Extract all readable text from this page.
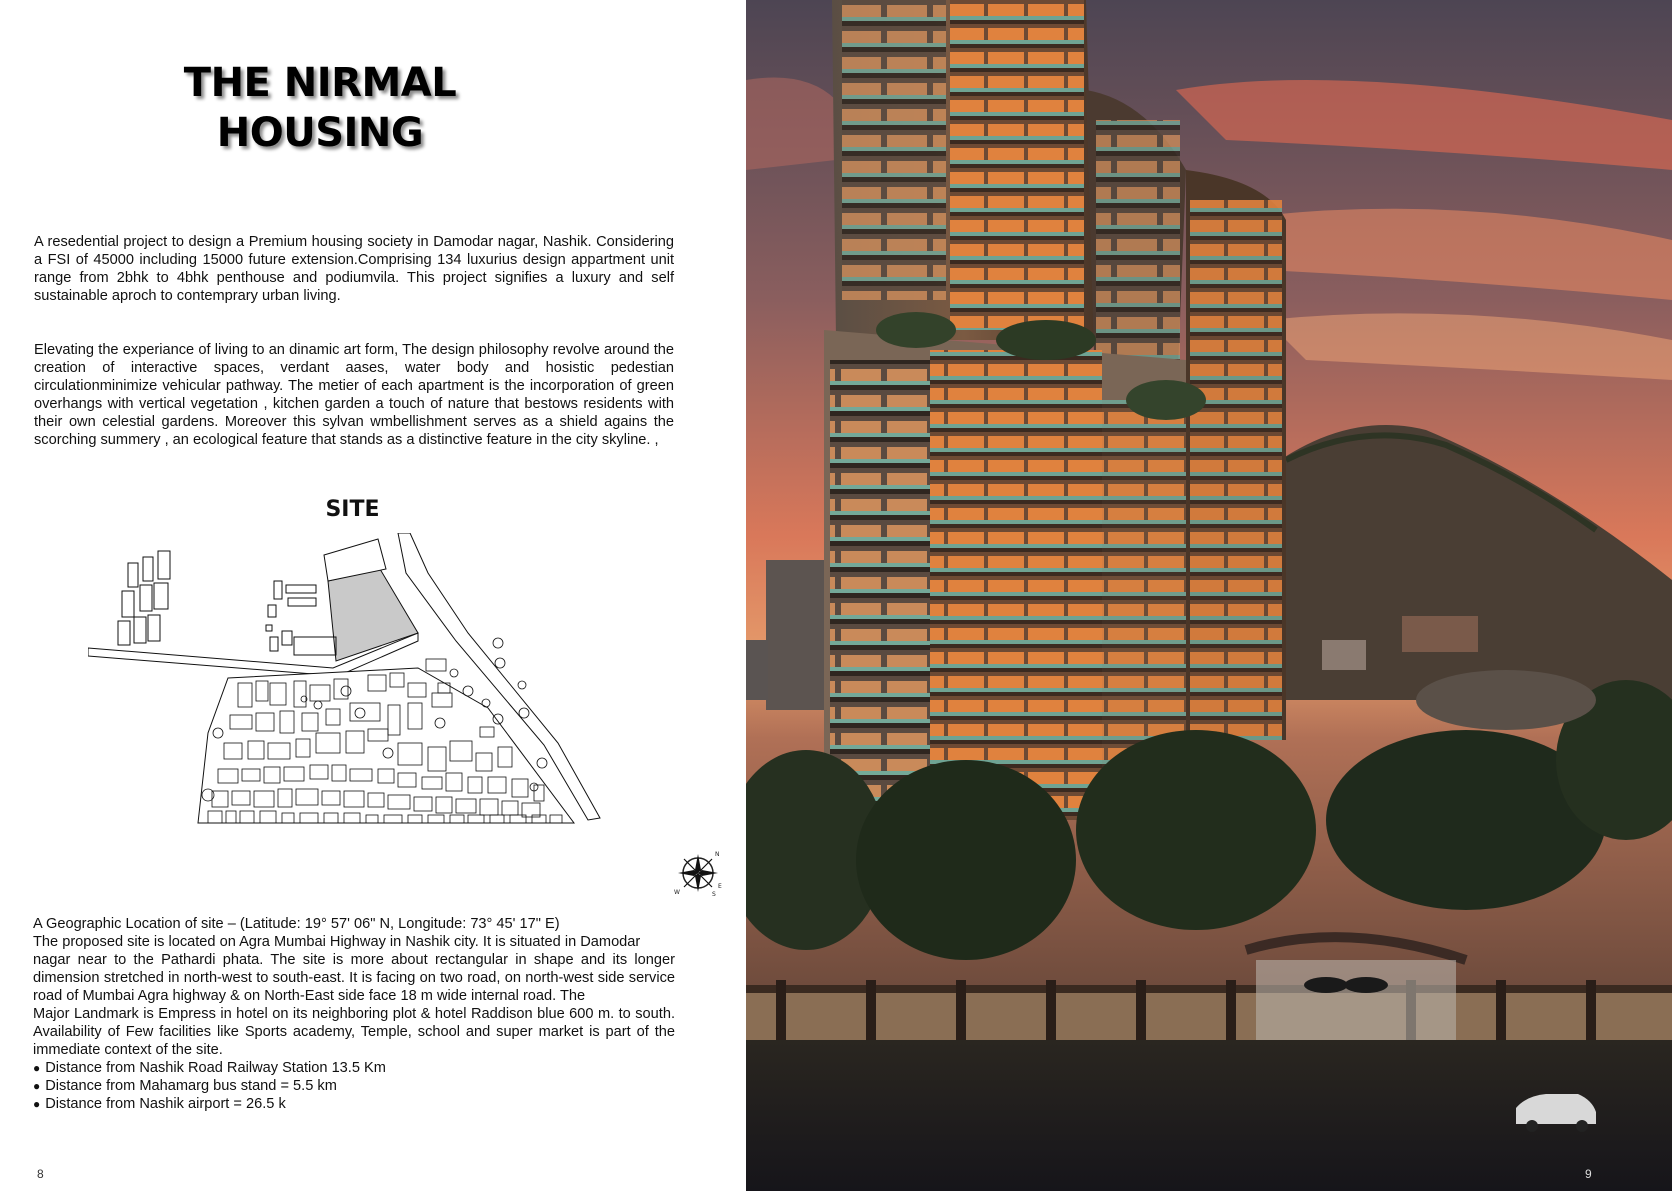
THE NIRMAL
HOUSING

A resedential project to design a Premium housing society in Damodar nagar, Nashik. Considering a FSI of 45000 including 15000 future extension.Comprising 134 luxurius design appartment unit range from 2bhk to 4bhk penthouse and podiumvila. This project signifies a luxury and self sustainable aproch to contemprary urban living.

Elevating the experiance of living to an dinamic art form, The design philosophy revolve around the creation of interactive spaces, verdant aases, water body and hosistic pedestian circulationminimize vehicular pathway. The metier of each apartment is the incorporation of green overhangs with vertical vegetation , kitchen garden a touch of nature that bestows residents with their own celestial gardens. Moreover this sylvan wmbellishment serves as a shield agains the scorching summery , an ecological feature that stands as a distinctive feature in the city skyline. ,

SITE
N
E
W	S
A Geographic Location of site – (Latitude: 19° 57' 06" N, Longitude: 73° 45' 17" E)
The proposed site is located on Agra Mumbai Highway in Nashik city. It is situated in Damodar
nagar near to the Pathardi phata. The site is more about rectangular in shape and its longer dimension stretched in north-west to south-east. It is facing on two road, on north-west side service road of Mumbai Agra highway & on North-East side face 18 m wide internal road. The
Major Landmark is Empress in hotel on its neighboring plot & hotel Raddison blue 600 m. to south. Availability of Few facilities like Sports academy, Temple, school and super market is part of the immediate context of the site.
● Distance from Nashik Road Railway Station 13.5 Km
● Distance from Mahamarg bus stand = 5.5 km
● Distance from Nashik airport = 26.5 k
8	9
